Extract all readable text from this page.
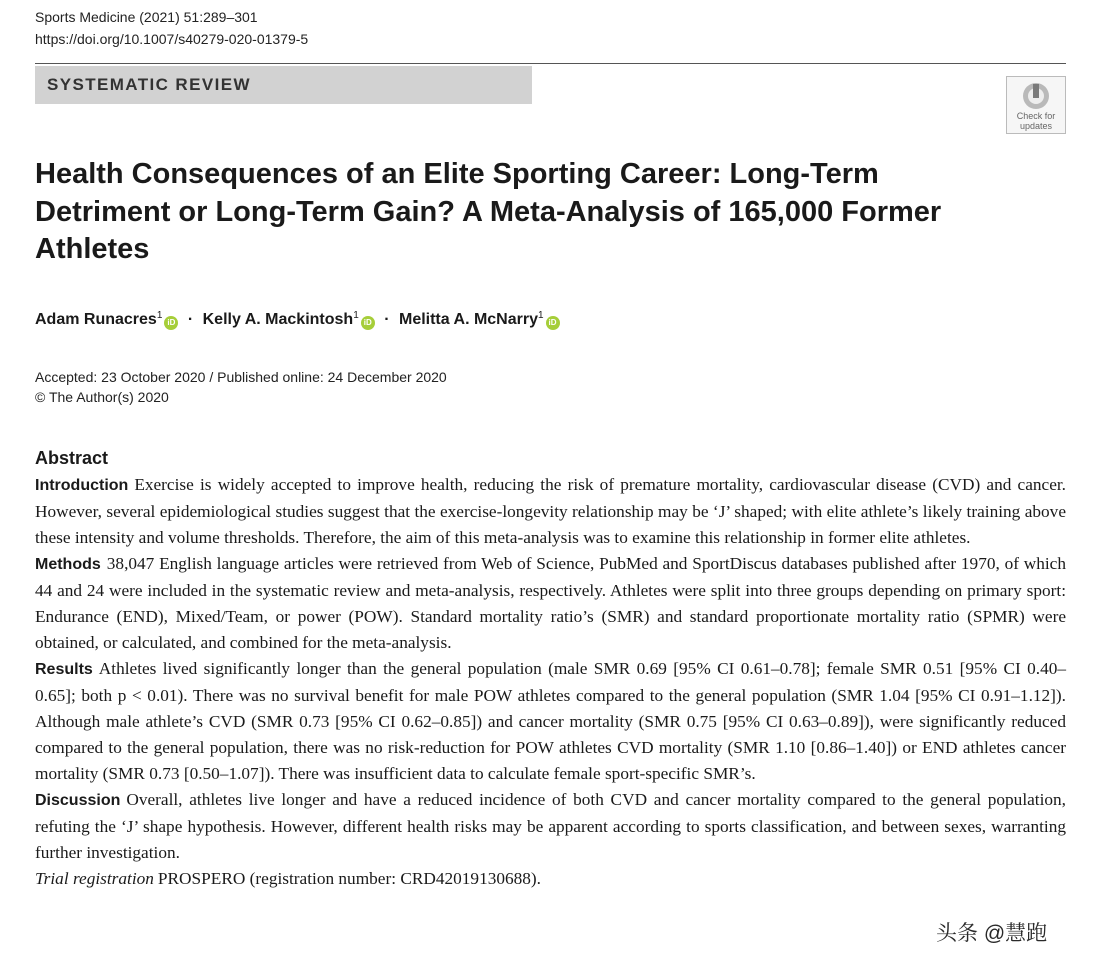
Sports Medicine (2021) 51:289–301
https://doi.org/10.1007/s40279-020-01379-5
SYSTEMATIC REVIEW
Check for
updates
Health Consequences of an Elite Sporting Career: Long-Term
Detriment or Long-Term Gain? A Meta-Analysis of 165,000 Former
Athletes
Adam Runacres$^1$iD · Kelly A. Mackintosh$^1$iD · Melitta A. McNarry$^1$iD
Accepted: 23 October 2020 / Published online: 24 December 2020
© The Author(s) 2020
Abstract

Introduction Exercise is widely accepted to improve health, reducing the risk of premature mortality, cardiovascular disease (CVD) and cancer. However, several epidemiological studies suggest that the exercise-longevity relationship may be ‘J’ shaped; with elite athlete’s likely training above these intensity and volume thresholds. Therefore, the aim of this meta-analysis was to examine this relationship in former elite athletes.

Methods 38,047 English language articles were retrieved from Web of Science, PubMed and SportDiscus databases published after 1970, of which 44 and 24 were included in the systematic review and meta-analysis, respectively. Athletes were split into three groups depending on primary sport: Endurance (END), Mixed/Team, or power (POW). Standard mortality ratio’s (SMR) and standard proportionate mortality ratio (SPMR) were obtained, or calculated, and combined for the meta-analysis.

Results Athletes lived significantly longer than the general population (male SMR 0.69 [95% CI 0.61–0.78]; female SMR 0.51 [95% CI 0.40–0.65]; both p < 0.01). There was no survival benefit for male POW athletes compared to the general population (SMR 1.04 [95% CI 0.91–1.12]). Although male athlete’s CVD (SMR 0.73 [95% CI 0.62–0.85]) and cancer mortality (SMR 0.75 [95% CI 0.63–0.89]), were significantly reduced compared to the general population, there was no risk-reduction for POW athletes CVD mortality (SMR 1.10 [0.86–1.40]) or END athletes cancer mortality (SMR 0.73 [0.50–1.07]). There was insufficient data to calculate female sport-specific SMR’s.

Discussion Overall, athletes live longer and have a reduced incidence of both CVD and cancer mortality compared to the general population, refuting the ‘J’ shape hypothesis. However, different health risks may be apparent according to sports classification, and between sexes, warranting further investigation.

Trial registration PROSPERO (registration number: CRD42019130688).

头条 @慧跑
